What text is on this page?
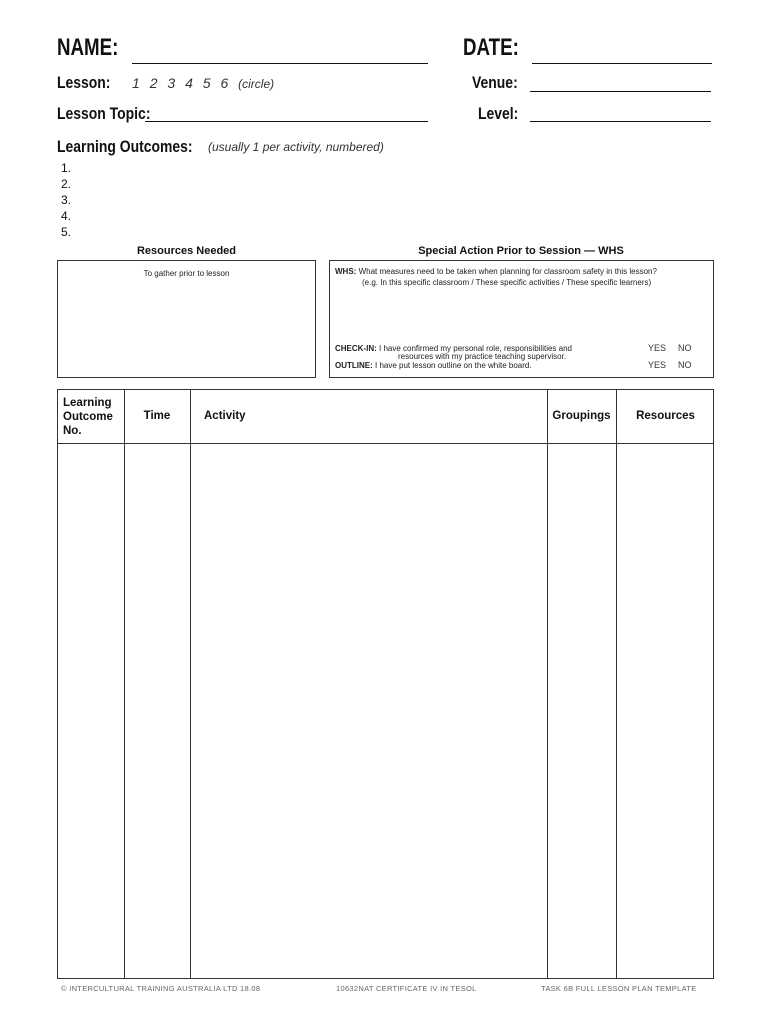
NAME:	DATE:
Lesson: 1 2 3 4 5 6 (circle)	Venue:
Lesson Topic:	Level:
Learning Outcomes: (usually 1 per activity, numbered)
1.
2.
3.
4.
5.
Resources Needed
To gather prior to lesson
Special Action Prior to Session — WHS
WHS: What measures need to be taken when planning for classroom safety in this lesson?
(e.g. In this specific classroom / These specific activities / These specific learners)
CHECK-IN: I have confirmed my personal role, responsibilities and
resources with my practice teaching supervisor.
YES NO
OUTLINE: I have put lesson outline on the white board.	YES NO
Learning
Outcome
No.
Time	Activity	Groupings	Resources
© INTERCULTURAL TRAINING AUSTRALIA LTD 18.08	10632NAT CERTIFICATE IV IN TESOL	TASK 6B FULL LESSON PLAN TEMPLATE
